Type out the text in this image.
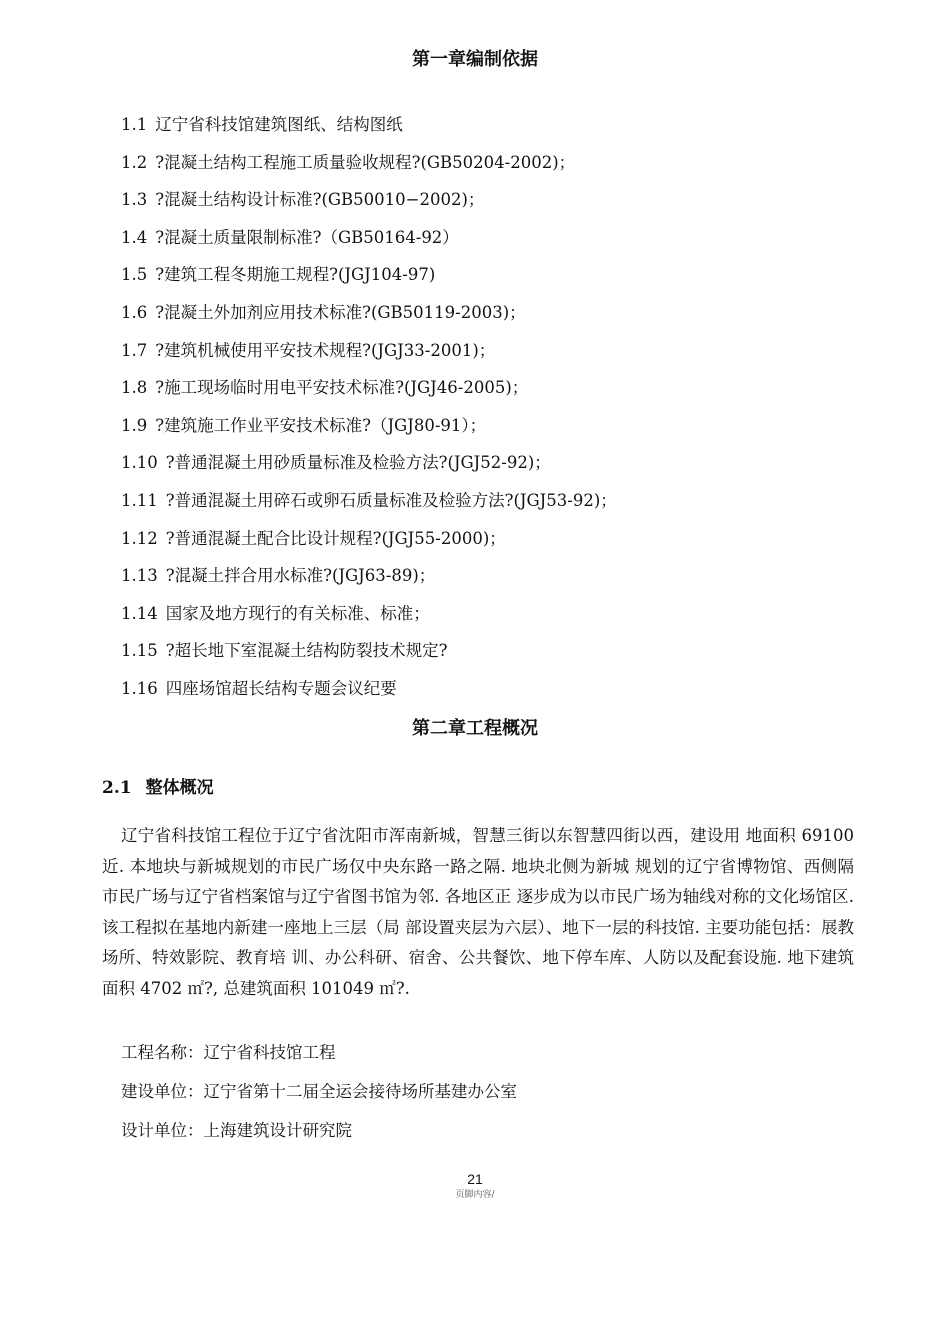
第一章编制依据
1.1 辽宁省科技馆建筑图纸、结构图纸
1.2 ?混凝土结构工程施工质量验收规程?(GB50204-2002)；
1.3 ?混凝土结构设计标准?(GB50010−2002)；
1.4 ?混凝土质量限制标准?（GB50164-92）
1.5 ?建筑工程冬期施工规程?(JGJ104-97)
1.6 ?混凝土外加剂应用技术标准?(GB50119-2003)；
1.7 ?建筑机械使用平安技术规程?(JGJ33-2001)；
1.8 ?施工现场临时用电平安技术标准?(JGJ46-2005)；
1.9 ?建筑施工作业平安技术标准?（JGJ80-91）；
1.10 ?普通混凝土用砂质量标准及检验方法?(JGJ52-92)；
1.11 ?普通混凝土用碎石或卵石质量标准及检验方法?(JGJ53-92)；
1.12 ?普通混凝土配合比设计规程?(JGJ55-2000)；
1.13 ?混凝土拌合用水标准?(JGJ63-89)；
1.14 国家及地方现行的有关标准、标准；
1.15 ?超长地下室混凝土结构防裂技术规定?
1.16 四座场馆超长结构专题会议纪要
第二章工程概况
2.1 整体概况

辽宁省科技馆工程位于辽宁省沈阳市浑南新城，智慧三街以东智慧四街以西，建设用 地面积 69100 近. 本地块与新城规划的市民广场仅中央东路一路之隔. 地块北侧为新城 规划的辽宁省博物馆、西侧隔市民广场与辽宁省档案馆与辽宁省图书馆为邻. 各地区正 逐步成为以市民广场为轴线对称的文化场馆区. 该工程拟在基地内新建一座地上三层（局 部设置夹层为六层）、地下一层的科技馆. 主要功能包括：展教场所、特效影院、教育培 训、办公科研、宿舍、公共餐饮、地下停车库、人防以及配套设施. 地下建筑面积 4702 ㎡?, 总建筑面积 101049 ㎡?.

工程名称：辽宁省科技馆工程
建设单位：辽宁省第十二届全运会接待场所基建办公室
设计单位：上海建筑设计研究院
21
页脚内容/
